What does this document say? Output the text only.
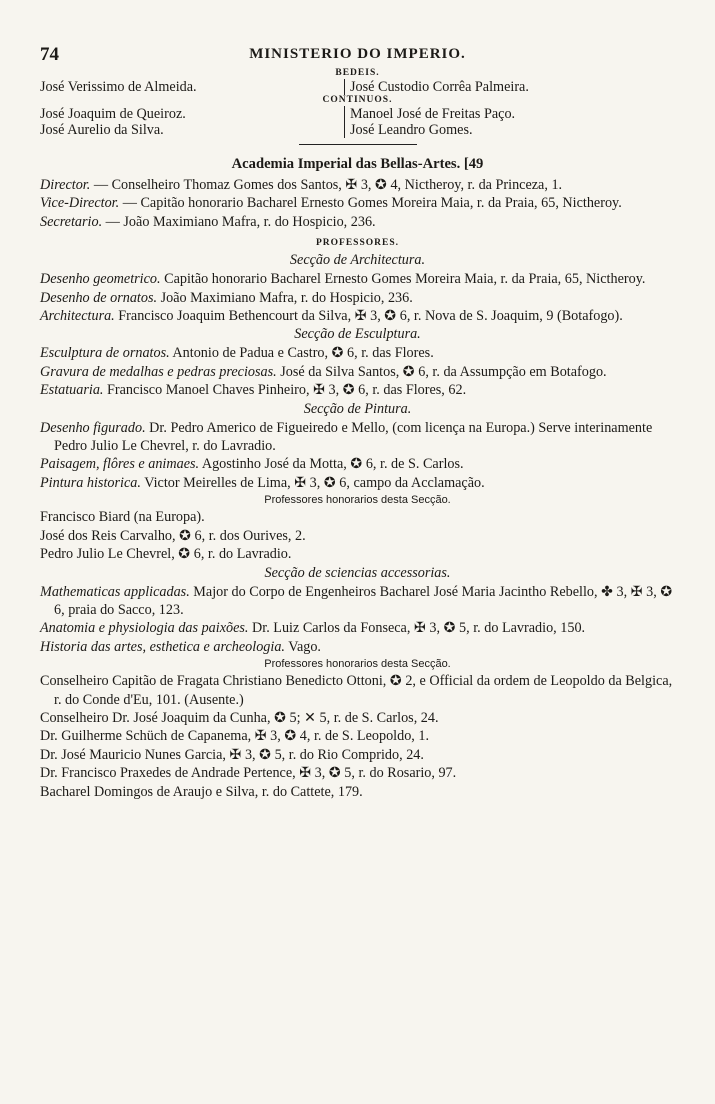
74	MINISTERIO DO IMPERIO.
BEDEIS.
José Verissimo de Almeida.	José Custodio Corrêa Palmeira.
CONTINUOS.
José Joaquim de Queiroz.
José Aurelio da Silva.
Manoel José de Freitas Paço.
José Leandro Gomes.
Academia Imperial das Bellas-Artes. [49
Director. — Conselheiro Thomaz Gomes dos Santos, ✠ 3, ✪ 4, Nictheroy, r. da Princeza, 1.
Vice-Director. — Capitão honorario Bacharel Ernesto Gomes Moreira Maia, r. da Praia, 65, Nictheroy.
Secretario. — João Maximiano Mafra, r. do Hospicio, 236.
PROFESSORES.
Secção de Architectura.
Desenho geometrico. Capitão honorario Bacharel Ernesto Gomes Moreira Maia, r. da Praia, 65, Nictheroy.
Desenho de ornatos. João Maximiano Mafra, r. do Hospicio, 236.
Architectura. Francisco Joaquim Bethencourt da Silva, ✠ 3, ✪ 6, r. Nova de S. Joaquim, 9 (Botafogo).
Secção de Esculptura.
Esculptura de ornatos. Antonio de Padua e Castro, ✪ 6, r. das Flores.
Gravura de medalhas e pedras preciosas. José da Silva Santos, ✪ 6, r. da Assumpção em Botafogo.
Estatuaria. Francisco Manoel Chaves Pinheiro, ✠ 3, ✪ 6, r. das Flores, 62.
Secção de Pintura.
Desenho figurado. Dr. Pedro Americo de Figueiredo e Mello, (com licença na Europa.) Serve interinamente Pedro Julio Le Chevrel, r. do Lavradio.
Paisagem, flôres e animaes. Agostinho José da Motta, ✪ 6, r. de S. Carlos.
Pintura historica. Victor Meirelles de Lima, ✠ 3, ✪ 6, campo da Acclamação.
Professores honorarios desta Secção.
Francisco Biard (na Europa).
José dos Reis Carvalho, ✪ 6, r. dos Ourives, 2.
Pedro Julio Le Chevrel, ✪ 6, r. do Lavradio.
Secção de sciencias accessorias.
Mathematicas applicadas. Major do Corpo de Engenheiros Bacharel José Maria Jacintho Rebello, ✤ 3, ✠ 3, ✪ 6, praia do Sacco, 123.
Anatomia e physiologia das paixões. Dr. Luiz Carlos da Fonseca, ✠ 3, ✪ 5, r. do Lavradio, 150.
Historia das artes, esthetica e archeologia. Vago.
Professores honorarios desta Secção.
Conselheiro Capitão de Fragata Christiano Benedicto Ottoni, ✪ 2, e Official da ordem de Leopoldo da Belgica, r. do Conde d'Eu, 101. (Ausente.)
Conselheiro Dr. José Joaquim da Cunha, ✪ 5; ✕ 5, r. de S. Carlos, 24.
Dr. Guilherme Schüch de Capanema, ✠ 3, ✪ 4, r. de S. Leopoldo, 1.
Dr. José Mauricio Nunes Garcia, ✠ 3, ✪ 5, r. do Rio Comprido, 24.
Dr. Francisco Praxedes de Andrade Pertence, ✠ 3, ✪ 5, r. do Rosario, 97.
Bacharel Domingos de Araujo e Silva, r. do Cattete, 179.
